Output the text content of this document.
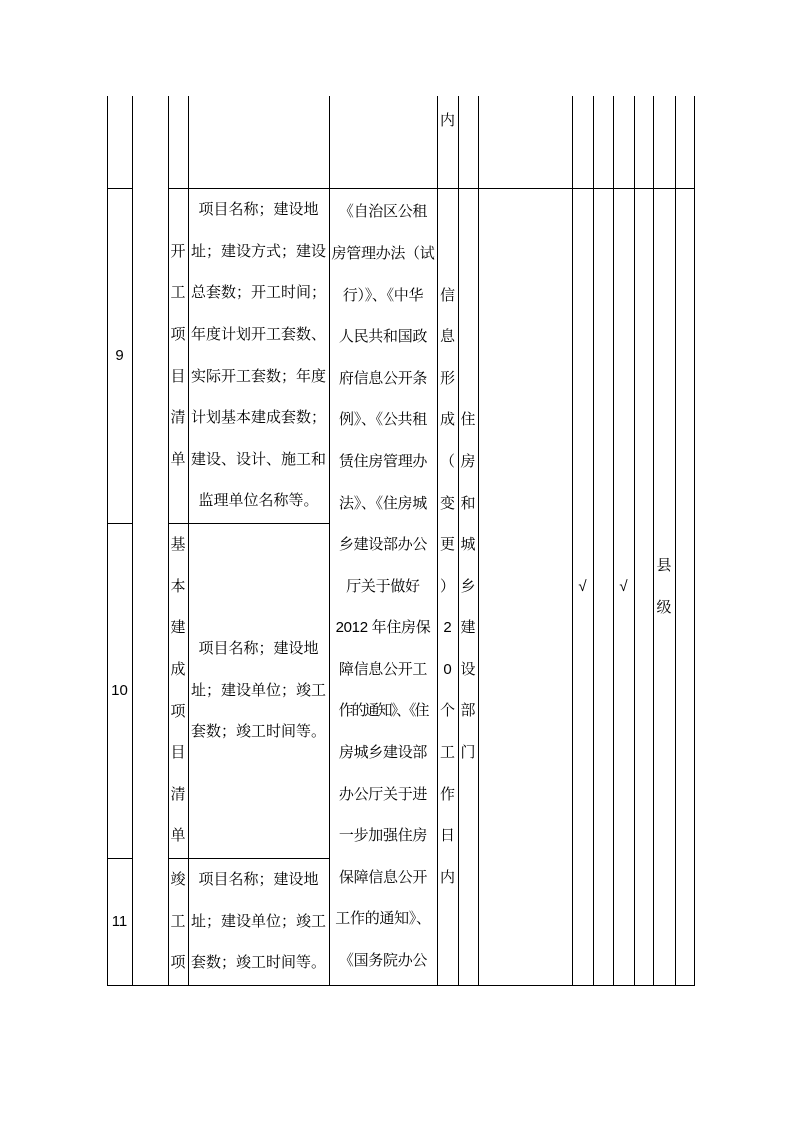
内
9
开
工
项
目
清
单
项目名称；建设地
址；建设方式；建设
总套数；开工时间；
年度计划开工套数、
实际开工套数；年度
计划基本建成套数；
建设、设计、施工和
监理单位名称等。
10
基
本
建
成
项
目
清
单
项目名称；建设地
址；建设单位；竣工
套数；竣工时间等。
11
竣
工
项
项目名称；建设地
址；建设单位；竣工
套数；竣工时间等。
《自治区公租
房管理办法（试
行）》、《中华
人民共和国政
府信息公开条
例》、《公共租
赁住房管理办
法》、《住房城
乡建设部办公
厅关于做好
2012 年住房保
障信息公开工
作的通知》、《住
房城乡建设部
办公厅关于进
一步加强住房
保障信息公开
工作的通知》、
《国务院办公
信
息
形
成
（
变
更
）
2
0
个
工
作
日
内
住
房
和
城
乡
建
设
部
门
√ √
县
级
